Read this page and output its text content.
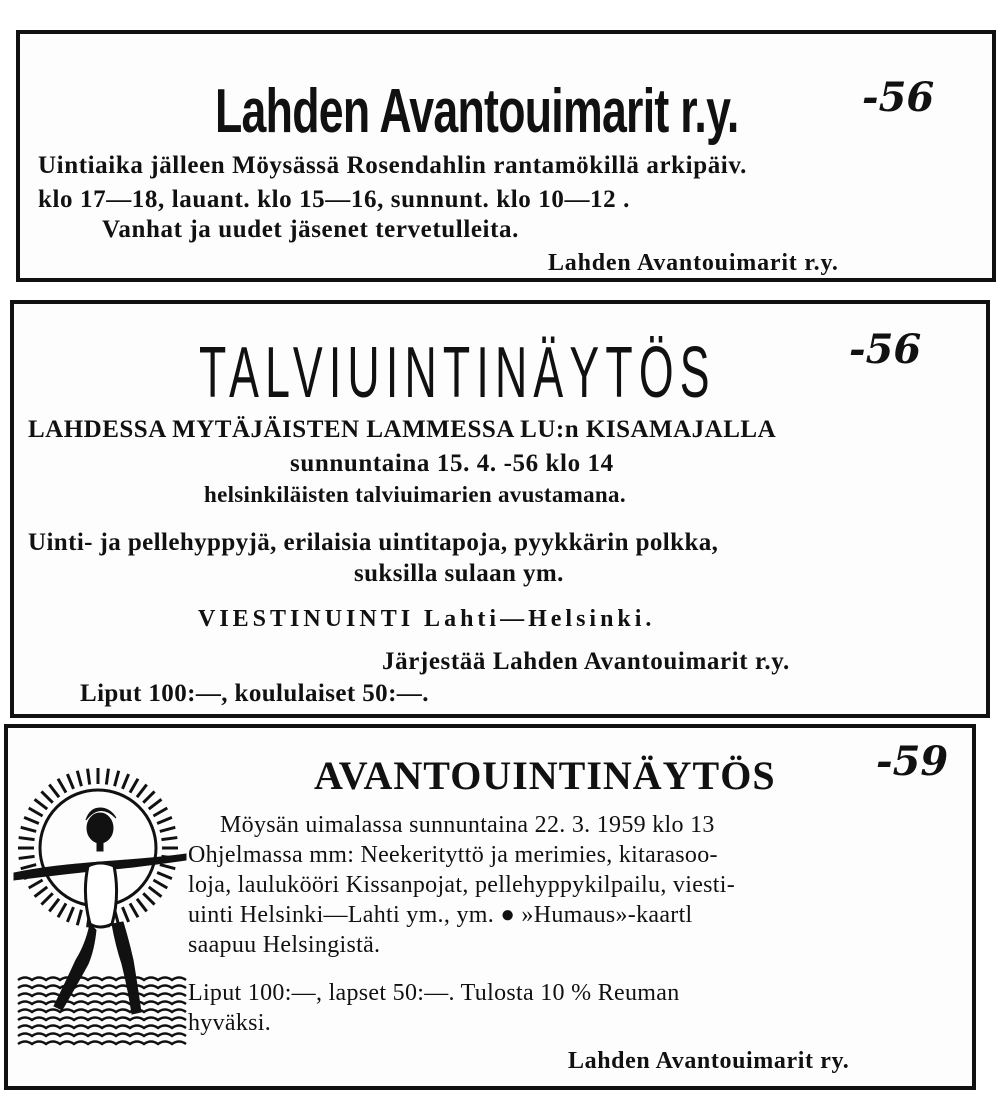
Lahden Avantouimarit r.y.	-56
Uintiaika jälleen Möysässä Rosendahlin rantamökillä arkipäiv.
klo 17—18, lauant. klo 15—16, sunnunt. klo 10—12 .
Vanhat ja uudet jäsenet tervetulleita.
Lahden Avantouimarit r.y.
TALVIUINTINÄYTÖS	-56
LAHDESSA MYTÄJÄISTEN LAMMESSA LU:n KISAMAJALLA
sunnuntaina 15. 4. -56 klo 14
helsinkiläisten talviuimarien avustamana.
Uinti- ja pellehyppyjä, erilaisia uintitapoja, pyykkärin polkka,
suksilla sulaan ym.
VIESTINUINTI Lahti—Helsinki.
Järjestää Lahden Avantouimarit r.y.
Liput 100:—, koululaiset 50:—.
AVANTOUINTINÄYTÖS	-59
Möysän uimalassa sunnuntaina 22. 3. 1959 klo 13
Ohjelmassa mm: Neekerityttö ja merimies, kitarasoo-
loja, laulukööri Kissanpojat, pellehyppykilpailu, viesti-
uinti Helsinki—Lahti ym., ym. ● »Humaus»-kaartl
saapuu Helsingistä.
Liput 100:—, lapset 50:—. Tulosta 10 % Reuman
hyväksi.
Lahden Avantouimarit ry.
